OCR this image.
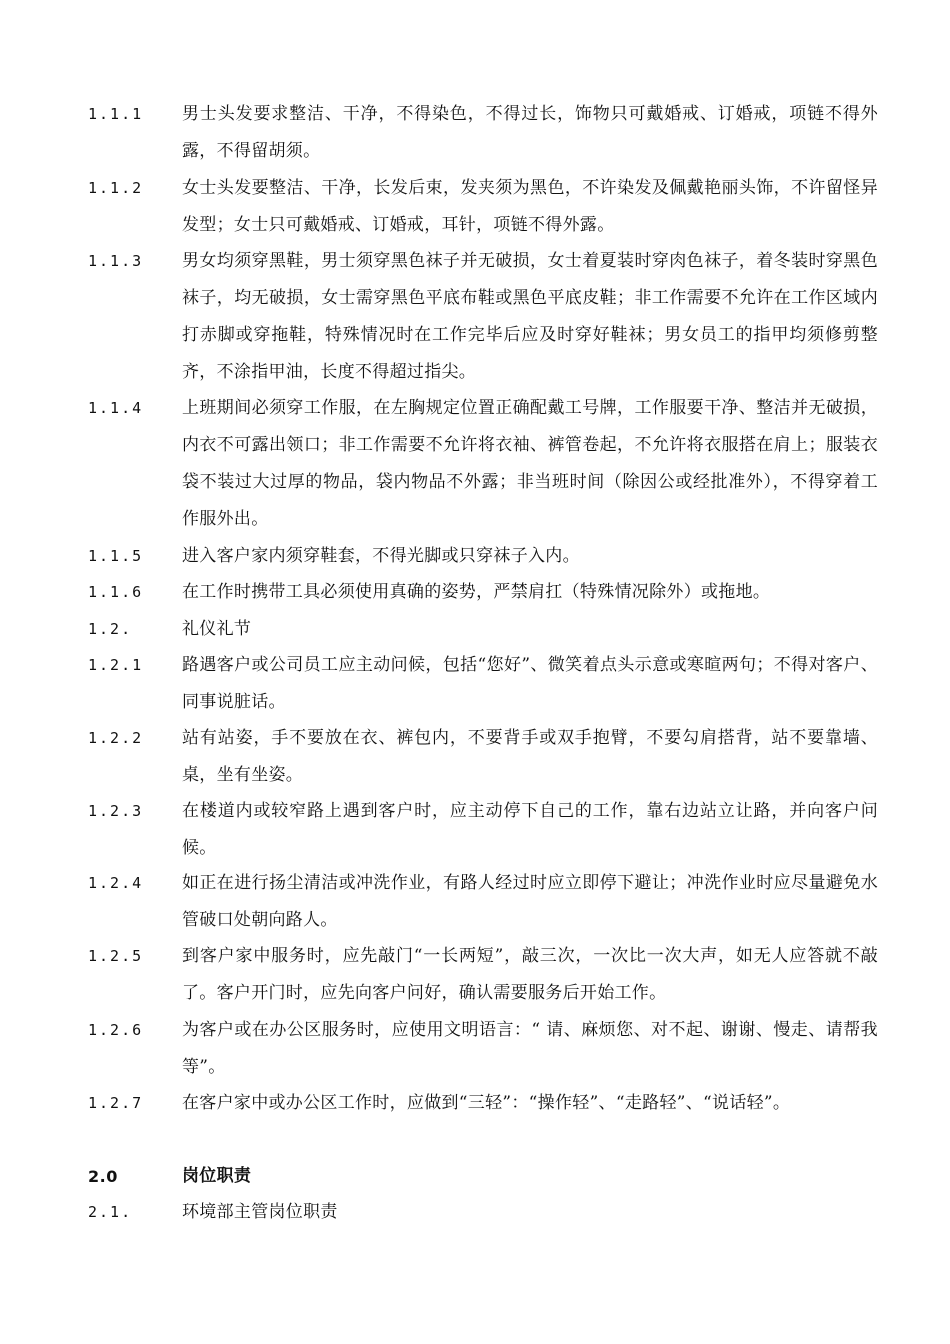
1.1.1 男士头发要求整洁、干净，不得染色，不得过长，饰物只可戴婚戒、订婚戒，项链不得外露，不得留胡须。
1.1.2 女士头发要整洁、干净，长发后束，发夹须为黑色，不许染发及佩戴艳丽头饰，不许留怪异发型；女士只可戴婚戒、订婚戒，耳针，项链不得外露。
1.1.3 男女均须穿黑鞋，男士须穿黑色袜子并无破损，女士着夏装时穿肉色袜子，着冬装时穿黑色袜子，均无破损，女士需穿黑色平底布鞋或黑色平底皮鞋；非工作需要不允许在工作区域内打赤脚或穿拖鞋，特殊情况时在工作完毕后应及时穿好鞋袜；男女员工的指甲均须修剪整齐，不涂指甲油，长度不得超过指尖。
1.1.4 上班期间必须穿工作服，在左胸规定位置正确配戴工号牌，工作服要干净、整洁并无破损，内衣不可露出领口；非工作需要不允许将衣袖、裤管卷起，不允许将衣服搭在肩上；服装衣袋不装过大过厚的物品，袋内物品不外露；非当班时间（除因公或经批准外），不得穿着工作服外出。
1.1.5 进入客户家内须穿鞋套，不得光脚或只穿袜子入内。
1.1.6 在工作时携带工具必须使用真确的姿势，严禁肩扛（特殊情况除外）或拖地。
1.2.	礼仪礼节
1.2.1 路遇客户或公司员工应主动问候，包括“您好”、微笑着点头示意或寒暄两句；不得对客户、同事说脏话。
1.2.2 站有站姿，手不要放在衣、裤包内，不要背手或双手抱臂，不要勾肩搭背，站不要靠墙、桌，坐有坐姿。
1.2.3 在楼道内或较窄路上遇到客户时，应主动停下自己的工作，靠右边站立让路，并向客户问候。
1.2.4 如正在进行扬尘清洁或冲洗作业，有路人经过时应立即停下避让；冲洗作业时应尽量避免水管破口处朝向路人。
1.2.5 到客户家中服务时，应先敲门“一长两短”，敲三次，一次比一次大声，如无人应答就不敲了。客户开门时，应先向客户问好，确认需要服务后开始工作。
1.2.6 为客户或在办公区服务时，应使用文明语言：“ 请、麻烦您、对不起、谢谢、慢走、请帮我等”。
1.2.7	在客户家中或办公区工作时，应做到“三轻”：“操作轻”、“走路轻”、“说话轻”。
2.0	岗位职责
2.1.	环境部主管岗位职责
